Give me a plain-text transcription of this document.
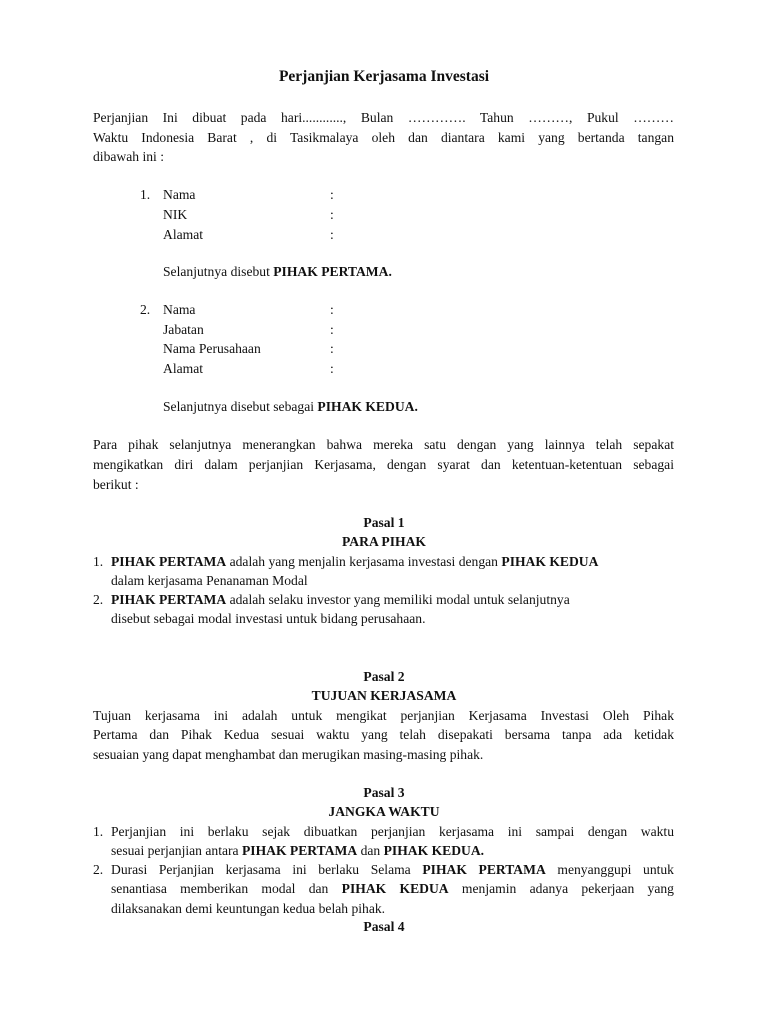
Perjanjian Kerjasama Investasi
Perjanjian Ini dibuat pada hari............, Bulan …………. Tahun ………, Pukul ………
Waktu Indonesia Barat , di Tasikmalaya oleh dan diantara kami yang bertanda tangan
dibawah ini :
1. Nama	:
NIK	:
Alamat	:
Selanjutnya disebut PIHAK PERTAMA.
2. Nama	:
Jabatan	:
Nama Perusahaan	:
Alamat	:
Selanjutnya disebut sebagai PIHAK KEDUA.
Para pihak selanjutnya menerangkan bahwa mereka satu dengan yang lainnya telah sepakat
mengikatkan diri dalam perjanjian Kerjasama, dengan syarat dan ketentuan-ketentuan sebagai
berikut :
Pasal 1
PARA PIHAK
1. PIHAK PERTAMA adalah yang menjalin kerjasama investasi dengan PIHAK KEDUA
dalam kerjasama Penanaman Modal
2. PIHAK PERTAMA adalah selaku investor yang memiliki modal untuk selanjutnya
disebut sebagai modal investasi untuk bidang perusahaan.
Pasal 2
TUJUAN KERJASAMA
Tujuan kerjasama ini adalah untuk mengikat perjanjian Kerjasama Investasi Oleh Pihak
Pertama dan Pihak Kedua sesuai waktu yang telah disepakati bersama tanpa ada ketidak
sesuaian yang dapat menghambat dan merugikan masing-masing pihak.
Pasal 3
JANGKA WAKTU
1. Perjanjian ini berlaku sejak dibuatkan perjanjian kerjasama ini sampai dengan waktu
sesuai perjanjian antara PIHAK PERTAMA dan PIHAK KEDUA.
2. Durasi Perjanjian kerjasama ini berlaku Selama PIHAK PERTAMA menyanggupi untuk
senantiasa memberikan modal dan PIHAK KEDUA menjamin adanya pekerjaan yang
dilaksanakan demi keuntungan kedua belah pihak.
Pasal 4
